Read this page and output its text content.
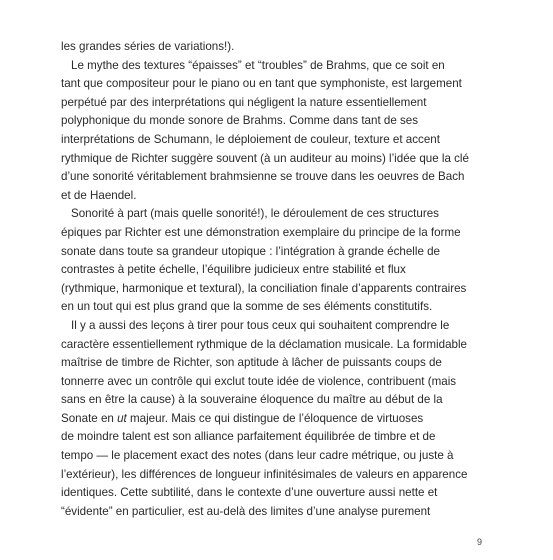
les grandes séries de variations!).
Le mythe des textures “épaisses” et “troubles” de Brahms, que ce soit en
tant que compositeur pour le piano ou en tant que symphoniste, est largement
perpétué par des interprétations qui négligent la nature essentiellement
polyphonique du monde sonore de Brahms. Comme dans tant de ses
interprétations de Schumann, le déploiement de couleur, texture et accent
rythmique de Richter suggère souvent (à un auditeur au moins) l’idée que la clé
d’une sonorité véritablement brahmsienne se trouve dans les oeuvres de Bach
et de Haendel.
Sonorité à part (mais quelle sonorité!), le déroulement de ces structures
épiques par Richter est une démonstration exemplaire du principe de la forme
sonate dans toute sa grandeur utopique : l’intégration à grande échelle de
contrastes à petite échelle, l’équilibre judicieux entre stabilité et flux
(rythmique, harmonique et textural), la conciliation finale d’apparents contraires
en un tout qui est plus grand que la somme de ses éléments constitutifs.
Il y a aussi des leçons à tirer pour tous ceux qui souhaitent comprendre le
caractère essentiellement rythmique de la déclamation musicale. La formidable
maîtrise de timbre de Richter, son aptitude à lâcher de puissants coups de
tonnerre avec un contrôle qui exclut toute idée de violence, contribuent (mais
sans en être la cause) à la souveraine éloquence du maître au début de la
Sonate en ut majeur. Mais ce qui distingue de l’éloquence de virtuoses
de moindre talent est son alliance parfaitement équilibrée de timbre et de
tempo — le placement exact des notes (dans leur cadre métrique, ou juste à
l’extérieur), les différences de longueur infinitésimales de valeurs en apparence
identiques. Cette subtilité, dans le contexte d’une ouverture aussi nette et
“évidente” en particulier, est au-delà des limites d’une analyse purement
9
